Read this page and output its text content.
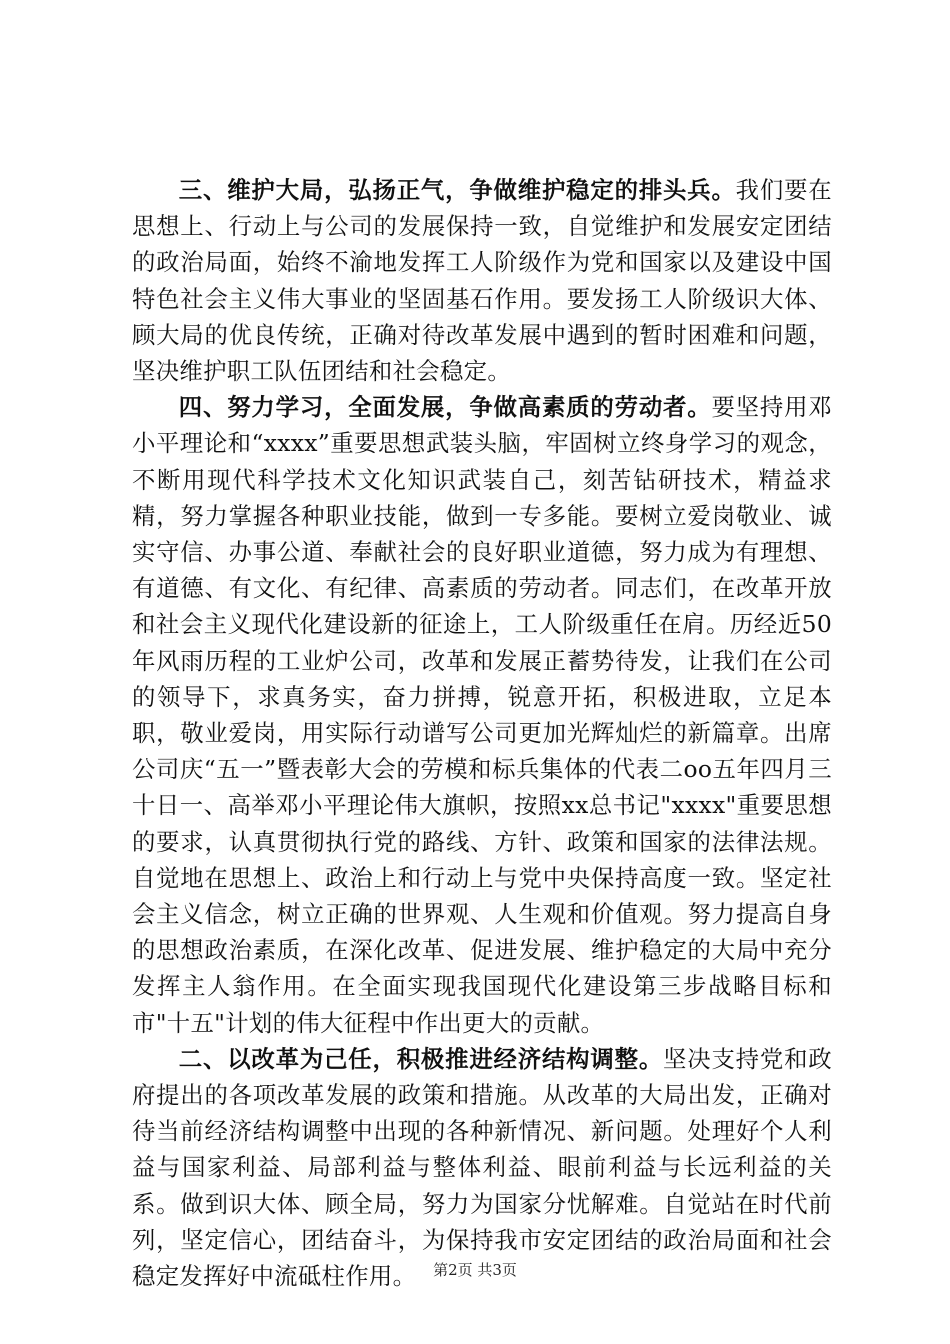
三、维护大局，弘扬正气，争做维护稳定的排头兵。我们要在思想上、行动上与公司的发展保持一致，自觉维护和发展安定团结的政治局面，始终不渝地发挥工人阶级作为党和国家以及建设中国特色社会主义伟大事业的坚固基石作用。要发扬工人阶级识大体、顾大局的优良传统，正确对待改革发展中遇到的暂时困难和问题，坚决维护职工队伍团结和社会稳定。

四、努力学习，全面发展，争做高素质的劳动者。要坚持用邓小平理论和“xxxx”重要思想武装头脑，牢固树立终身学习的观念，不断用现代科学技术文化知识武装自己，刻苦钻研技术，精益求精，努力掌握各种职业技能，做到一专多能。要树立爱岗敬业、诚实守信、办事公道、奉献社会的良好职业道德，努力成为有理想、有道德、有文化、有纪律、高素质的劳动者。同志们，在改革开放和社会主义现代化建设新的征途上，工人阶级重任在肩。历经近50年风雨历程的工业炉公司，改革和发展正蓄势待发，让我们在公司的领导下，求真务实，奋力拼搏，锐意开拓，积极进取，立足本职，敬业爱岗，用实际行动谱写公司更加光辉灿烂的新篇章。出席公司庆“五一”暨表彰大会的劳模和标兵集体的代表二oo五年四月三十日一、高举邓小平理论伟大旗帜，按照xx总书记"xxxx"重要思想的要求，认真贯彻执行党的路线、方针、政策和国家的法律法规。自觉地在思想上、政治上和行动上与党中央保持高度一致。坚定社会主义信念，树立正确的世界观、人生观和价值观。努力提高自身的思想政治素质，在深化改革、促进发展、维护稳定的大局中充分发挥主人翁作用。在全面实现我国现代化建设第三步战略目标和市"十五"计划的伟大征程中作出更大的贡献。

二、以改革为己任，积极推进经济结构调整。坚决支持党和政府提出的各项改革发展的政策和措施。从改革的大局出发，正确对待当前经济结构调整中出现的各种新情况、新问题。处理好个人利益与国家利益、局部利益与整体利益、眼前利益与长远利益的关系。做到识大体、顾全局，努力为国家分忧解难。自觉站在时代前列，坚定信心，团结奋斗，为保持我市安定团结的政治局面和社会稳定发挥好中流砥柱作用。	第2页 共3页
